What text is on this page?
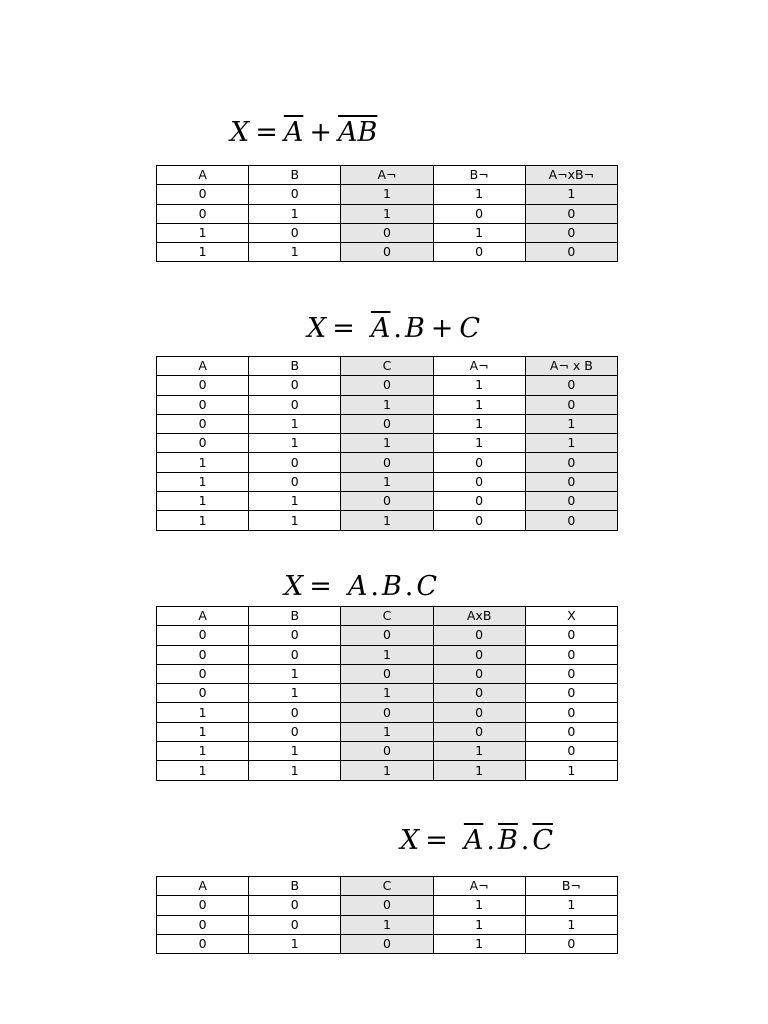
$X = \overline{A} + \overline{AB}$
A	B	A¬	B¬	A¬xB¬
0	0	1	1	1
0	1	1	0	0
1	0	0	1	0
1	1	0	0	0
$X = \overline{A}$ . B + C
A	B	C	A¬	A¬ x B
0	0	0	1	0
0	0	1	1	0
0	1	0	1	1
0	1	1	1	1
1	0	0	0	0
1	0	1	0	0
1	1	0	0	0
1	1	1	0	0
X = A . B . C
A	B	C	AxB	X
0	0	0	0	0
0	0	1	0	0
0	1	0	0	0
0	1	1	0	0
1	0	0	0	0
1	0	1	0	0
1	1	0	1	0
1	1	1	1	1
$X = \overline{A}$ . $\overline{B}$ . $\overline{C}$
A	B	C	A¬	B¬
0	0	0	1	1
0	0	1	1	1
0	1	0	1	0
